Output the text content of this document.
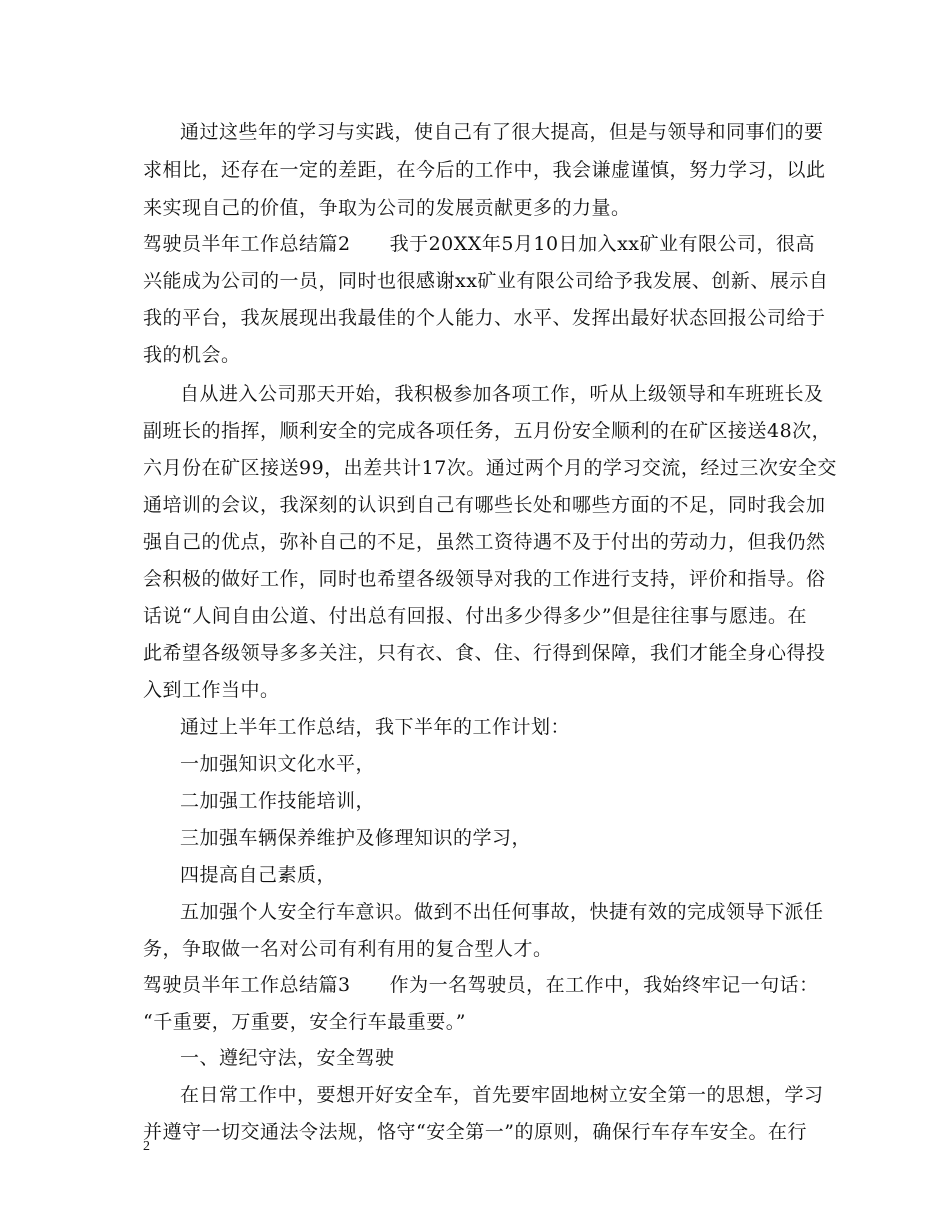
通过这些年的学习与实践，使自己有了很大提高，但是与领导和同事们的要
求相比，还存在一定的差距，在今后的工作中，我会谦虚谨慎，努力学习，以此
来实现自己的价值，争取为公司的发展贡献更多的力量。
驾驶员半年工作总结篇2　　我于20XX年5月10日加入xx矿业有限公司，很高
兴能成为公司的一员，同时也很感谢xx矿业有限公司给予我发展、创新、展示自
我的平台，我灰展现出我最佳的个人能力、水平、发挥出最好状态回报公司给于
我的机会。
自从进入公司那天开始，我积极参加各项工作，听从上级领导和车班班长及
副班长的指挥，顺利安全的完成各项任务，五月份安全顺利的在矿区接送48次，
六月份在矿区接送99，出差共计17次。通过两个月的学习交流，经过三次安全交
通培训的会议，我深刻的认识到自己有哪些长处和哪些方面的不足，同时我会加
强自己的优点，弥补自己的不足，虽然工资待遇不及于付出的劳动力，但我仍然
会积极的做好工作，同时也希望各级领导对我的工作进行支持，评价和指导。俗
话说“人间自由公道、付出总有回报、付出多少得多少”但是往往事与愿违。在
此希望各级领导多多关注，只有衣、食、住、行得到保障，我们才能全身心得投
入到工作当中。
通过上半年工作总结，我下半年的工作计划：
一加强知识文化水平，
二加强工作技能培训，
三加强车辆保养维护及修理知识的学习，
四提高自己素质，
五加强个人安全行车意识。做到不出任何事故，快捷有效的完成领导下派任
务，争取做一名对公司有利有用的复合型人才。
驾驶员半年工作总结篇3　　作为一名驾驶员，在工作中，我始终牢记一句话：
“千重要，万重要，安全行车最重要。”
一、遵纪守法，安全驾驶
在日常工作中，要想开好安全车，首先要牢固地树立安全第一的思想，学习
并遵守一切交通法令法规，恪守“安全第一”的原则，确保行车存车安全。在行
2
